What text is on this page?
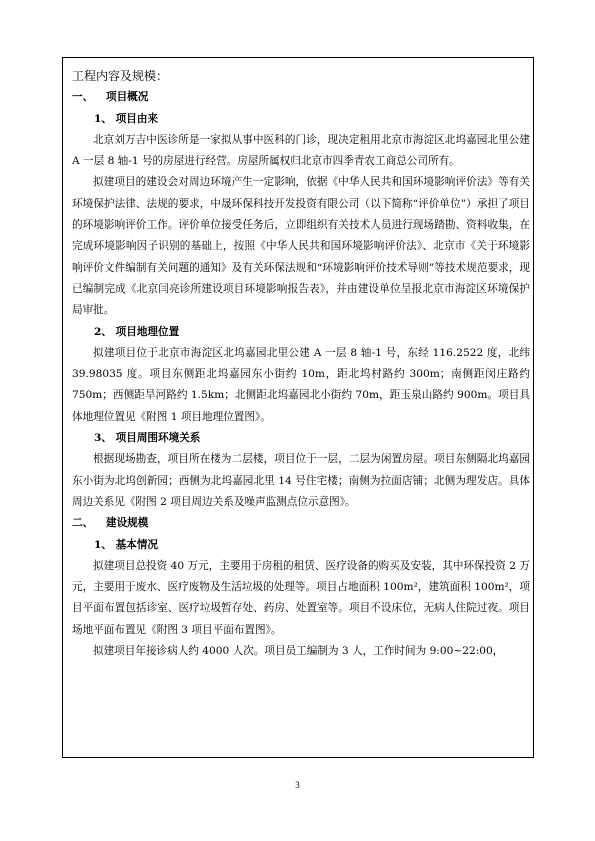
工程内容及规模：

一、 项目概况

1、 项目由来

北京刘万吉中医诊所是一家拟从事中医科的门诊，现决定租用北京市海淀区北坞嘉园北里公建 A 一层 8 轴-1 号的房屋进行经营。房屋所属权归北京市四季青农工商总公司所有。

拟建项目的建设会对周边环境产生一定影响，依据《中华人民共和国环境影响评价法》等有关环境保护法律、法规的要求，中晟环保科技开发投资有限公司（以下简称“评价单位”）承担了项目的环境影响评价工作。评价单位接受任务后，立即组织有关技术人员进行现场踏勘、资料收集，在完成环境影响因子识别的基础上，按照《中华人民共和国环境影响评价法》、北京市《关于环境影响评价文件编制有关问题的通知》及有关环保法规和“环境影响评价技术导则”等技术规范要求，现已编制完成《北京闫亮诊所建设项目环境影响报告表》，并由建设单位呈报北京市海淀区环境保护局审批。

2、 项目地理位置

拟建项目位于北京市海淀区北坞嘉园北里公建 A 一层 8 轴-1 号，东经 116.2522 度，北纬 39.98035 度。项目东侧距北坞嘉园东小街约 10m，距北坞村路约 300m；南侧距闵庄路约 750m；西侧距旱河路约 1.5km；北侧距北坞嘉园北小街约 70m，距玉泉山路约 900m。项目具体地理位置见《附图 1 项目地理位置图》。

3、 项目周围环境关系

根据现场勘查，项目所在楼为二层楼，项目位于一层，二层为闲置房屋。项目东侧隔北坞嘉园东小街为北坞创新园；西侧为北坞嘉园北里 14 号住宅楼；南侧为拉面店铺；北侧为理发店。具体周边关系见《附图 2 项目周边关系及噪声监测点位示意图》。

二、 建设规模

1、 基本情况

拟建项目总投资 40 万元，主要用于房租的租赁、医疗设备的购买及安装，其中环保投资 2 万元，主要用于废水、医疗废物及生活垃圾的处理等。项目占地面积 100m²，建筑面积 100m²，项目平面布置包括诊室、医疗垃圾暂存处、药房、处置室等。项目不设床位，无病人住院过夜。项目场地平面布置见《附图 3 项目平面布置图》。

拟建项目年接诊病人约 4000 人次。项目员工编制为 3 人，工作时间为 9:00~22:00，

3
